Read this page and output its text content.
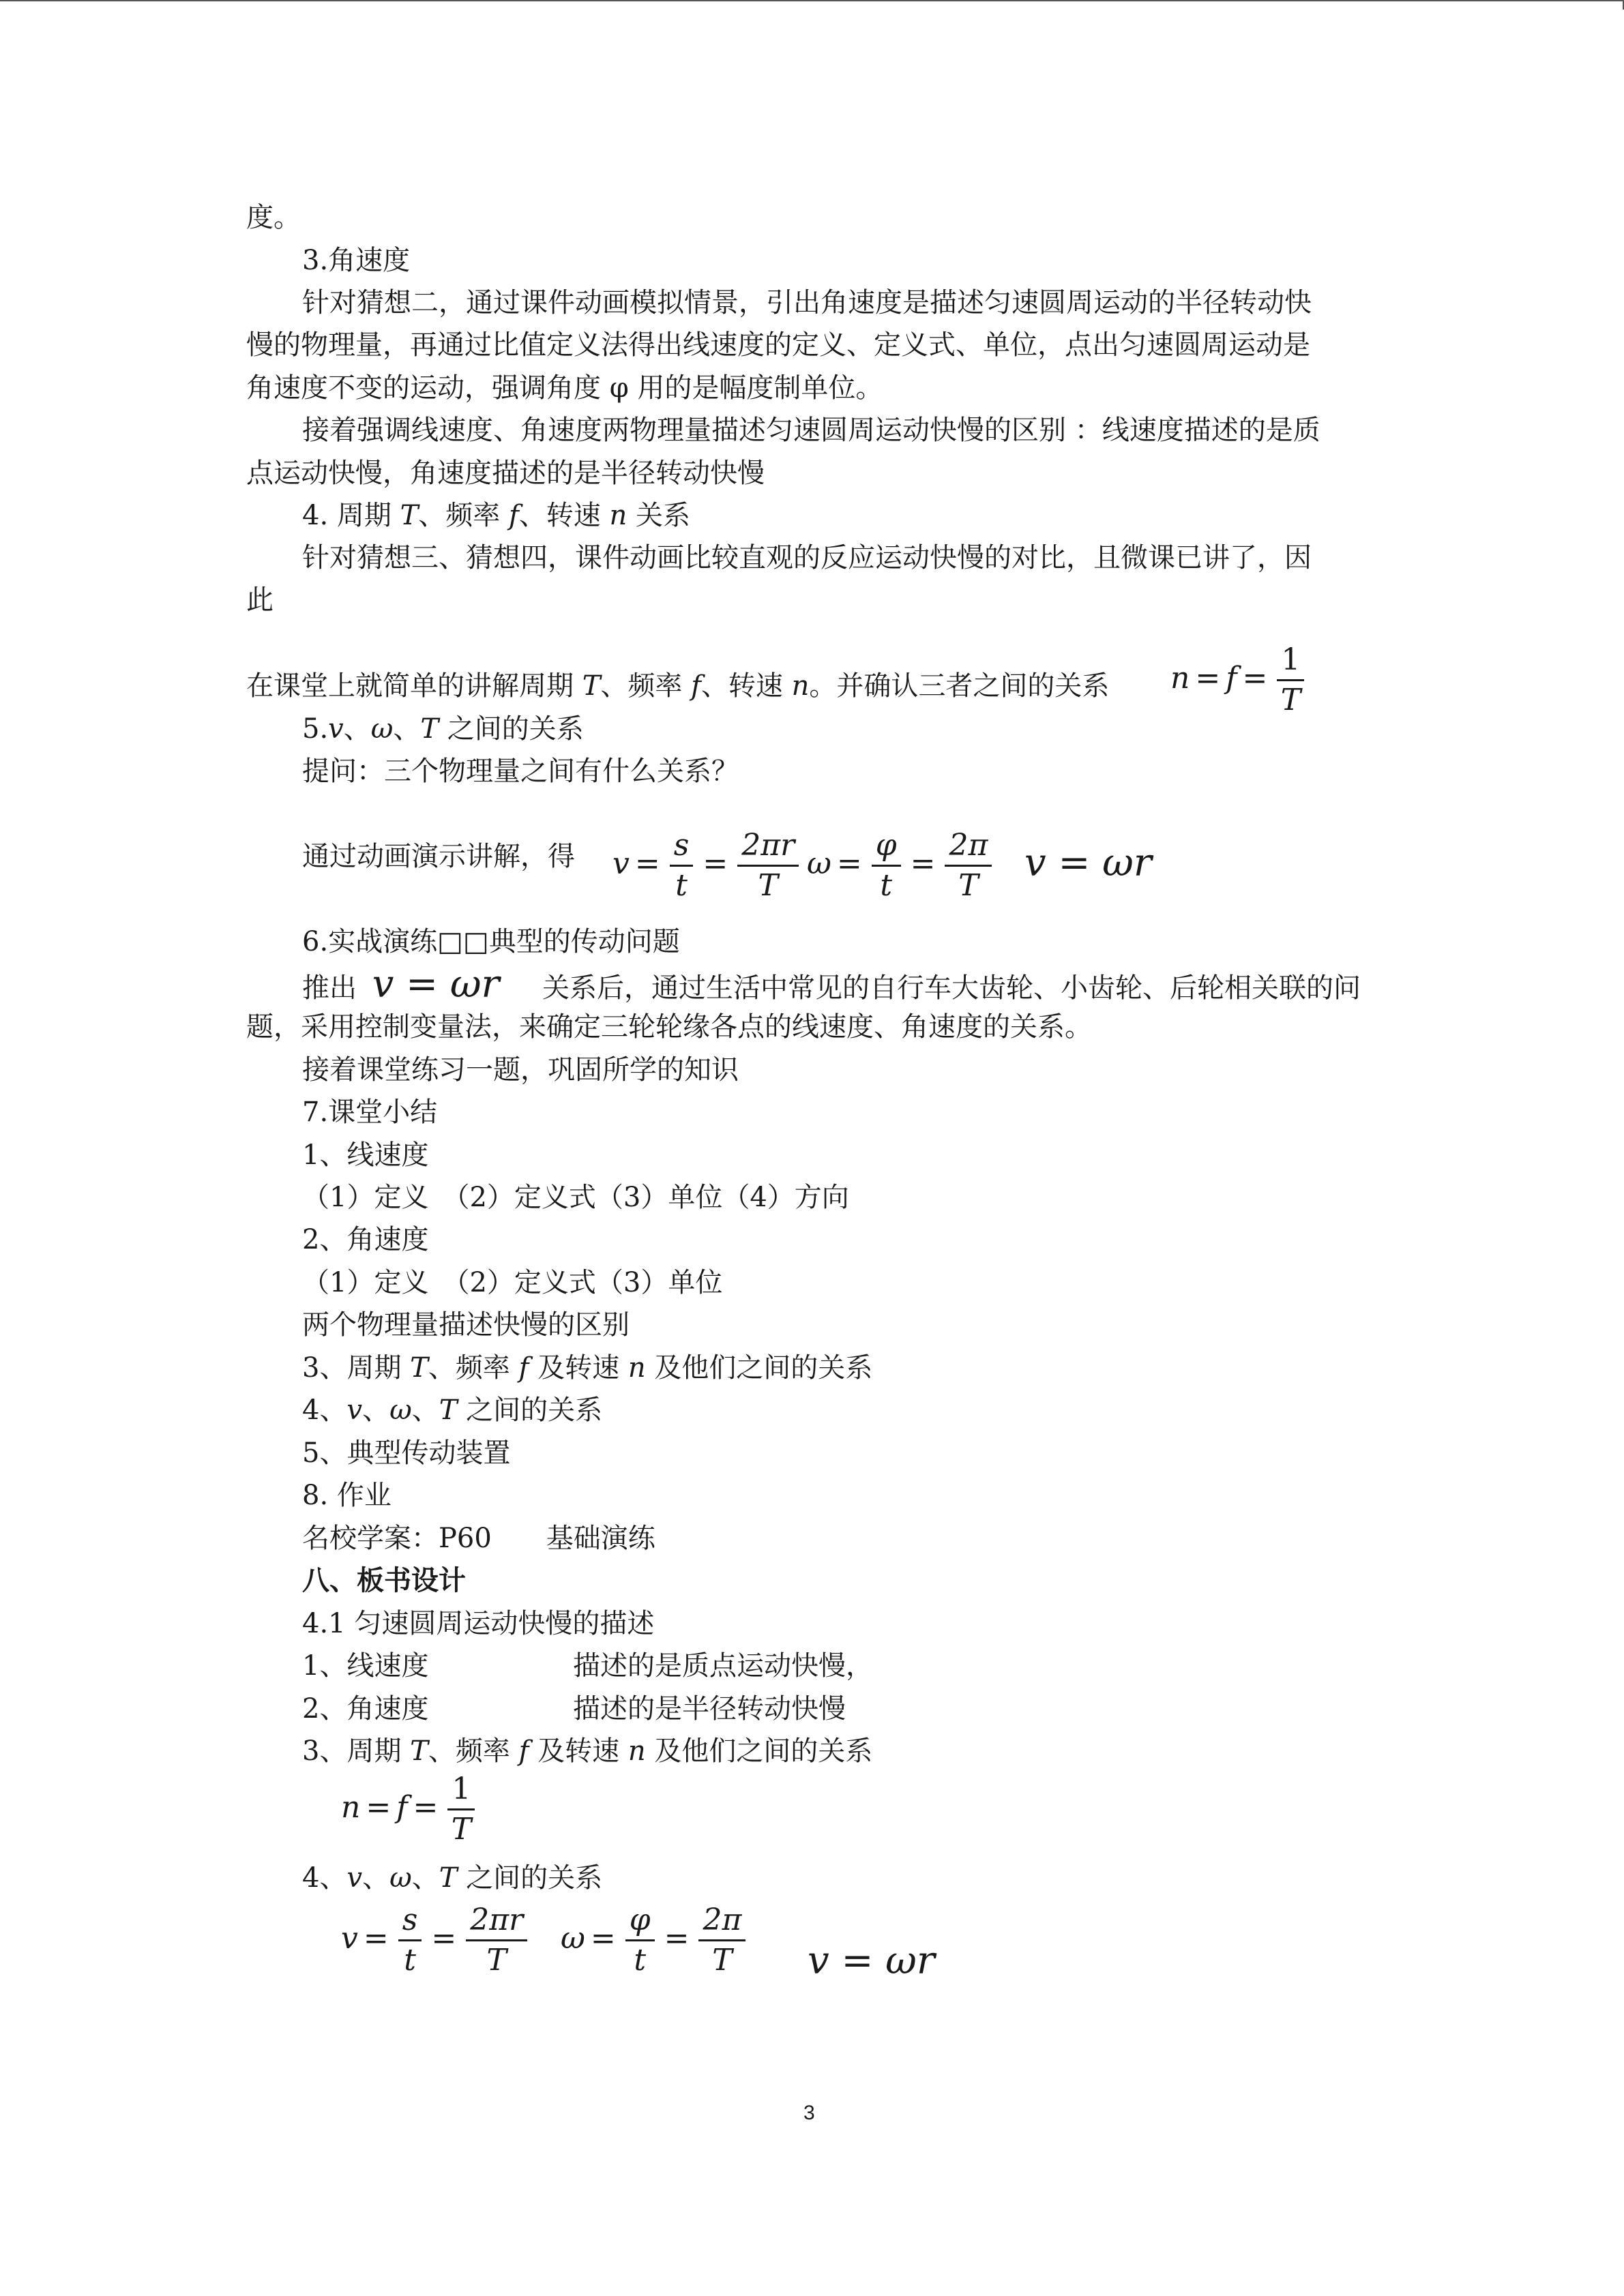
度。
3.角速度
针对猜想二，通过课件动画模拟情景，引出角速度是描述匀速圆周运动的半径转动快
慢的物理量，再通过比值定义法得出线速度的定义、定义式、单位，点出匀速圆周运动是
角速度不变的运动，强调角度 φ 用的是幅度制单位。
接着强调线速度、角速度两物理量描述匀速圆周运动快慢的区别 ：线速度描述的是质
点运动快慢，角速度描述的是半径转动快慢
4. 周期 T、频率 f、转速 n 关系
针对猜想三、猜想四，课件动画比较直观的反应运动快慢的对比，且微课已讲了，因
此
在课堂上就简单的讲解周期 T、频率 f、转速 n。并确认三者之间的关系 $n = f = \frac{1}{T}$
5.v、ω、T 之间的关系
提问：三个物理量之间有什么关系？
通过动画演示讲解，得 $v = \frac{s}{t} = \frac{2\pi r}{T}$ $\omega = \frac{\varphi}{t} = \frac{2\pi}{T}$ v = ωr
6.实战演练□□典型的传动问题
推出 v = ωr 关系后，通过生活中常见的自行车大齿轮、小齿轮、后轮相关联的问
题，采用控制变量法，来确定三轮轮缘各点的线速度、角速度的关系。
接着课堂练习一题，巩固所学的知识
7.课堂小结
1、线速度
（1）定义　（2）定义式（3）单位（4）方向
2、角速度
（1）定义　（2）定义式（3）单位
两个物理量描述快慢的区别
3、周期 T、频率 f 及转速 n 及他们之间的关系
4、v、ω、T 之间的关系
5、典型传动装置
8. 作业
名校学案：P60　　基础演练
八、板书设计
4.1 匀速圆周运动快慢的描述
1、线速度	描述的是质点运动快慢，
2、角速度	描述的是半径转动快慢
3、周期 T、频率 f 及转速 n 及他们之间的关系
$n = f = \frac{1}{T}$
4、v、ω、T 之间的关系
$v = \frac{s}{t} = \frac{2\pi r}{T}$ $\omega = \frac{\varphi}{t} = \frac{2\pi}{T}$ v = ωr
3
